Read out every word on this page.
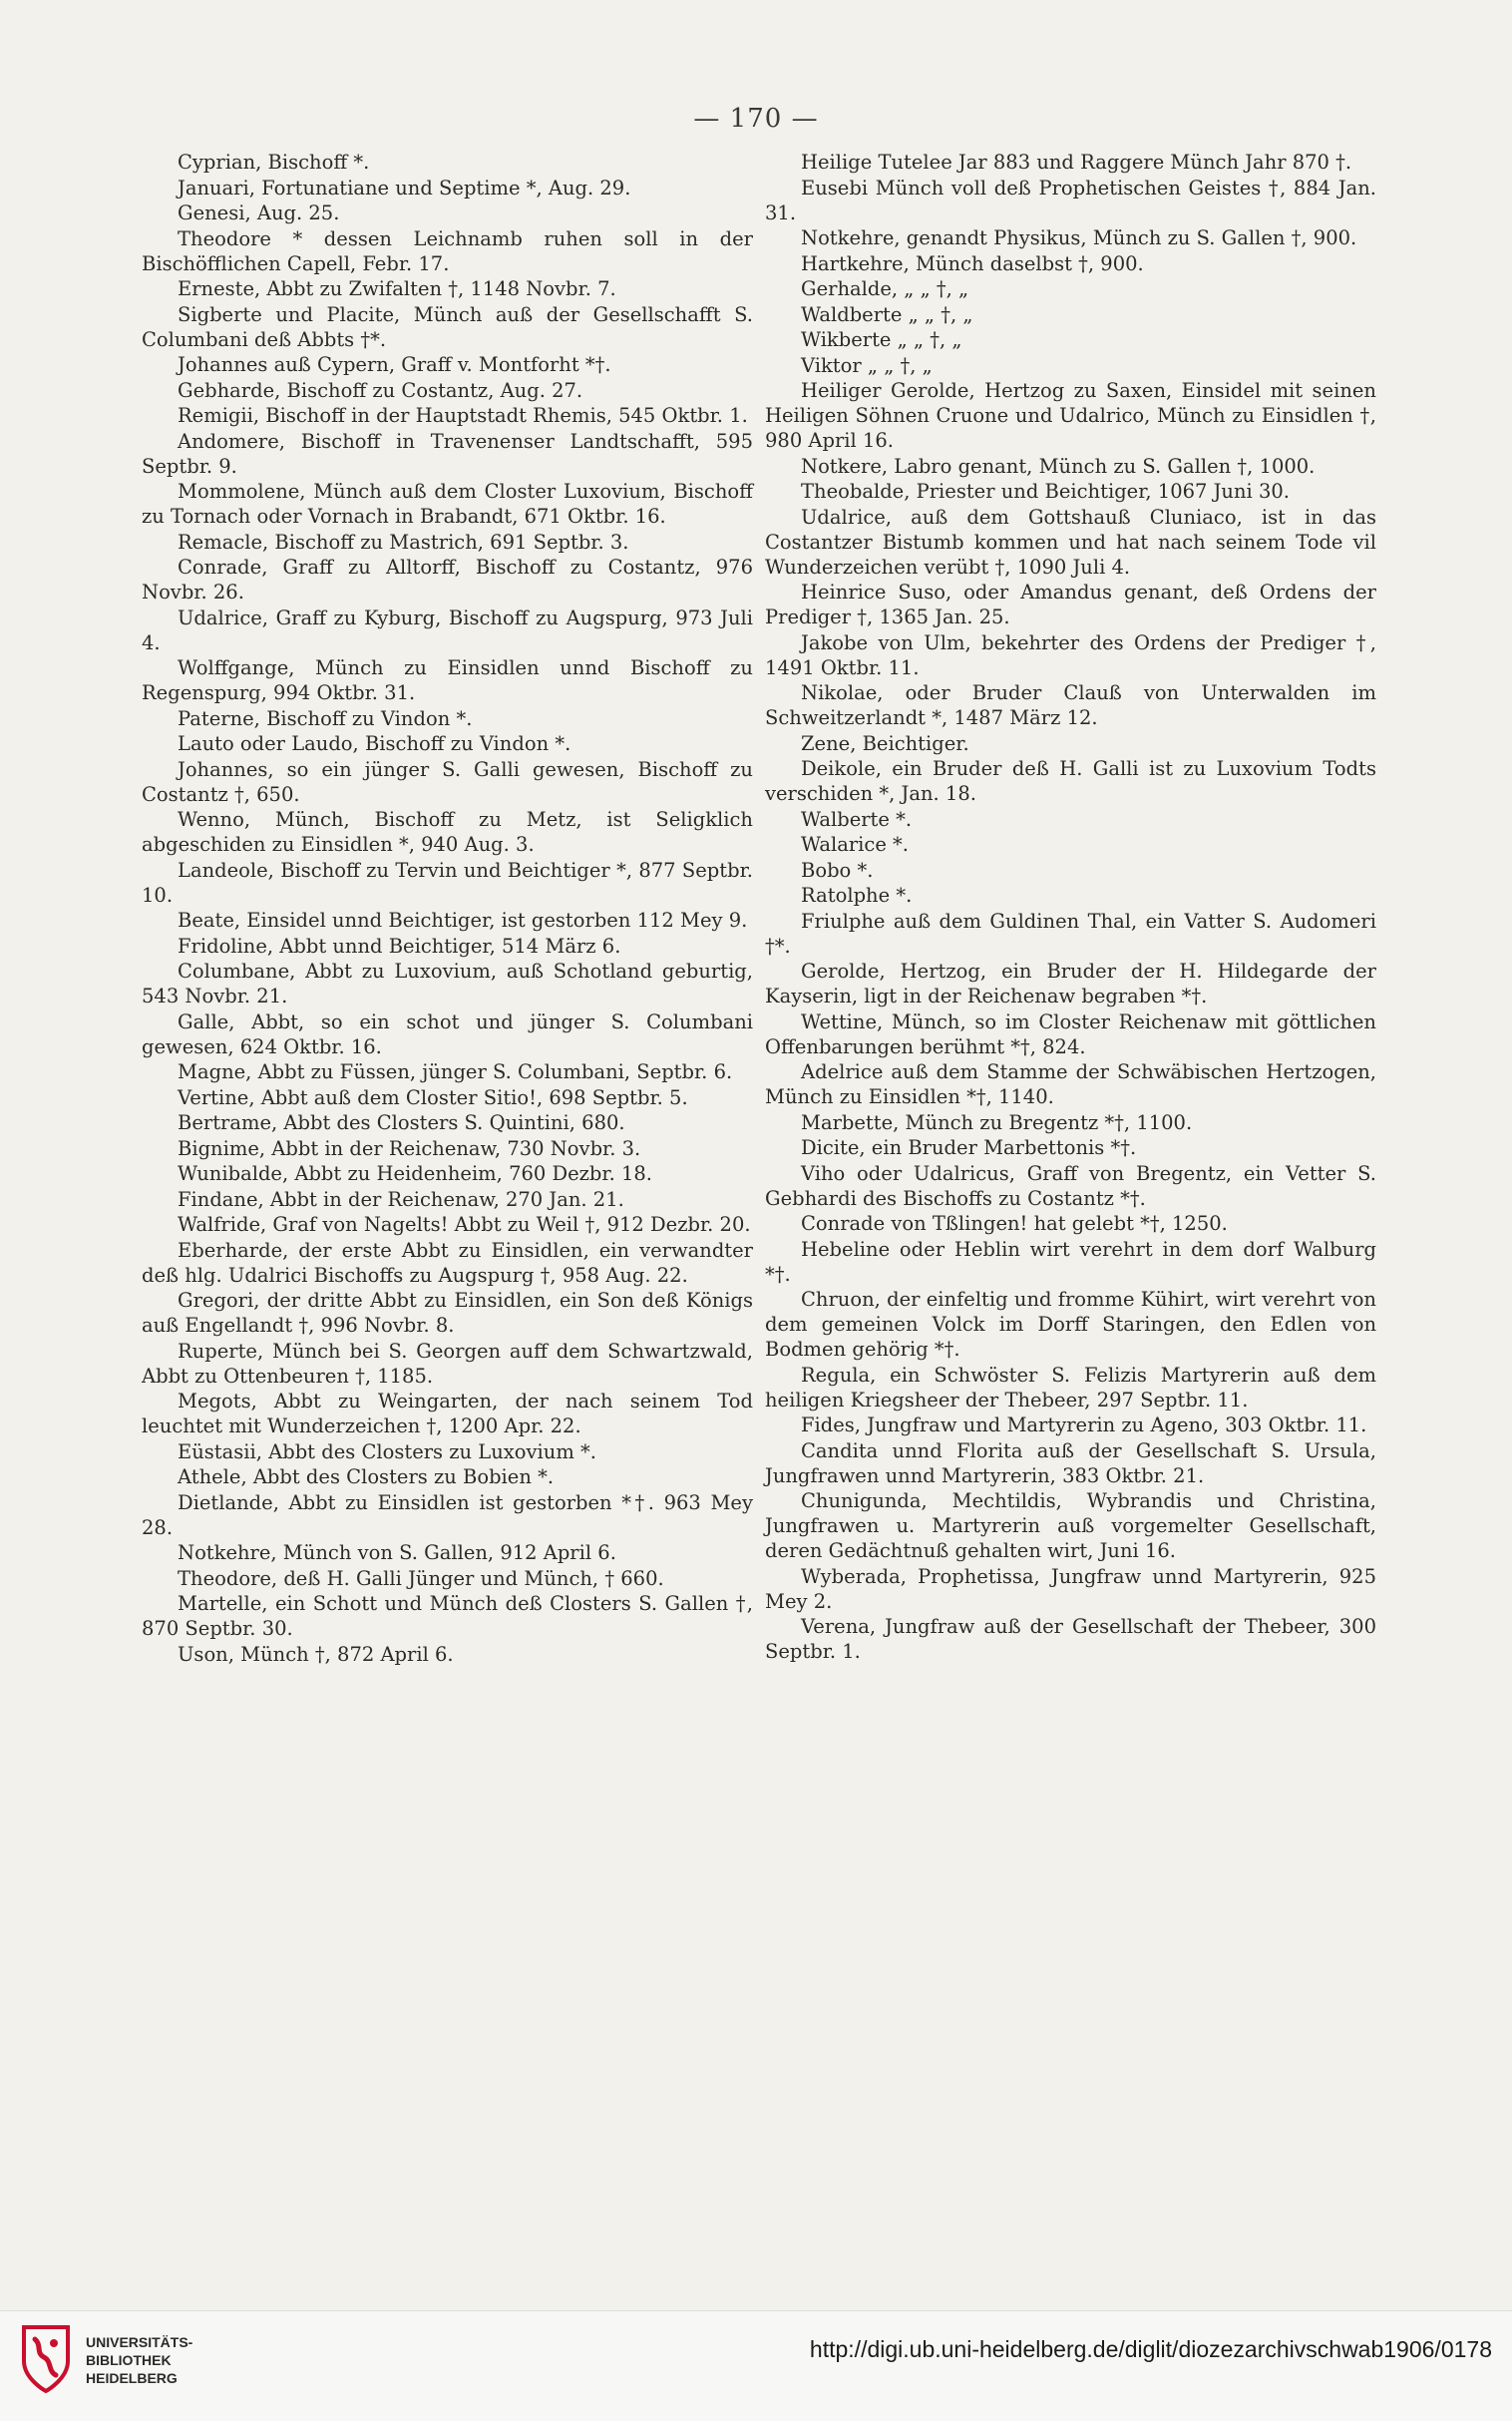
— 170 —

Cyprian, Bischoff *.

Januari, Fortunatiane und Septime *, Aug. 29.

Genesi, Aug. 25.

Theodore * dessen Leichnamb ruhen soll in der Bischöfflichen Capell, Febr. 17.

Erneste, Abbt zu Zwifalten †, 1148 Novbr. 7.

Sigberte und Placite, Münch auß der Gesellschafft S. Columbani deß Abbts †*.

Johannes auß Cypern, Graff v. Montforht *†.

Gebharde, Bischoff zu Costantz, Aug. 27.

Remigii, Bischoff in der Hauptstadt Rhemis, 545 Oktbr. 1.

Andomere, Bischoff in Travenenser Landtschafft, 595 Septbr. 9.

Mommolene, Münch auß dem Closter Luxovium, Bischoff zu Tornach oder Vornach in Brabandt, 671 Oktbr. 16.

Remacle, Bischoff zu Mastrich, 691 Septbr. 3.

Conrade, Graff zu Alltorff, Bischoff zu Costantz, 976 Novbr. 26.

Udalrice, Graff zu Kyburg, Bischoff zu Augspurg, 973 Juli 4.

Wolffgange, Münch zu Einsidlen unnd Bischoff zu Regenspurg, 994 Oktbr. 31.

Paterne, Bischoff zu Vindon *.

Lauto oder Laudo, Bischoff zu Vindon *.

Johannes, so ein jünger S. Galli gewesen, Bischoff zu Costantz †, 650.

Wenno, Münch, Bischoff zu Metz, ist Seligklich abgeschiden zu Einsidlen *, 940 Aug. 3.

Landeole, Bischoff zu Tervin und Beichtiger *, 877 Septbr. 10.

Beate, Einsidel unnd Beichtiger, ist gestorben 112 Mey 9.

Fridoline, Abbt unnd Beichtiger, 514 März 6.

Columbane, Abbt zu Luxovium, auß Schotland geburtig, 543 Novbr. 21.

Galle, Abbt, so ein schot und jünger S. Columbani gewesen, 624 Oktbr. 16.

Magne, Abbt zu Füssen, jünger S. Columbani, Septbr. 6.

Vertine, Abbt auß dem Closter Sitio!, 698 Septbr. 5.

Bertrame, Abbt des Closters S. Quintini, 680.

Bignime, Abbt in der Reichenaw, 730 Novbr. 3.

Wunibalde, Abbt zu Heidenheim, 760 Dezbr. 18.

Findane, Abbt in der Reichenaw, 270 Jan. 21.

Walfride, Graf von Nagelts! Abbt zu Weil †, 912 Dezbr. 20.

Eberharde, der erste Abbt zu Einsidlen, ein verwandter deß hlg. Udalrici Bischoffs zu Augspurg †, 958 Aug. 22.

Gregori, der dritte Abbt zu Einsidlen, ein Son deß Königs auß Engellandt †, 996 Novbr. 8.

Ruperte, Münch bei S. Georgen auff dem Schwartzwald, Abbt zu Ottenbeuren †, 1185.

Megots, Abbt zu Weingarten, der nach seinem Tod leuchtet mit Wunderzeichen †, 1200 Apr. 22.

Eüstasii, Abbt des Closters zu Luxovium *.

Athele, Abbt des Closters zu Bobien *.

Dietlande, Abbt zu Einsidlen ist gestorben *†. 963 Mey 28.

Notkehre, Münch von S. Gallen, 912 April 6.

Theodore, deß H. Galli Jünger und Münch, † 660.

Martelle, ein Schott und Münch deß Closters S. Gallen †, 870 Septbr. 30.

Uson, Münch †, 872 April 6.

Heilige Tutelee Jar 883 und Raggere Münch Jahr 870 †.

Eusebi Münch voll deß Prophetischen Geistes †, 884 Jan. 31.

Notkehre, genandt Physikus, Münch zu S. Gallen †, 900.

Hartkehre, Münch daselbst †, 900.

Gerhalde, „ „ †, „

Waldberte „ „ †, „

Wikberte „ „ †, „

Viktor „ „ †, „

Heiliger Geroldе, Hertzog zu Saxen, Einsidel mit seinen Heiligen Söhnen Cruone und Udalrico, Münch zu Einsidlen †, 980 April 16.

Notkere, Labro genant, Münch zu S. Gallen †, 1000.

Theobalde, Priester und Beichtiger, 1067 Juni 30.

Udalrice, auß dem Gottshauß Cluniaco, ist in das Costantzer Bistumb kommen und hat nach seinem Tode vil Wunderzeichen verübt †, 1090 Juli 4.

Heinrice Suso, oder Amandus genant, deß Ordens der Prediger †, 1365 Jan. 25.

Jakobe von Ulm, bekehrter des Ordens der Prediger †, 1491 Oktbr. 11.

Nikolae, oder Bruder Clauß von Unterwalden im Schweitzerlandt *, 1487 März 12.

Zene, Beichtiger.

Deikole, ein Bruder deß H. Galli ist zu Luxovium Todts verschiden *, Jan. 18.

Walberte *.

Walarice *.

Bobo *.

Ratolphe *.

Friulphe auß dem Guldinen Thal, ein Vatter S. Audomeri †*.

Geroldе, Hertzog, ein Bruder der H. Hildegarde der Kayserin, ligt in der Reichenaw begraben *†.

Wettine, Münch, so im Closter Reichenaw mit göttlichen Offenbarungen berühmt *†, 824.

Adelrice auß dem Stamme der Schwäbischen Hertzogen, Münch zu Einsidlen *†, 1140.

Marbette, Münch zu Bregentz *†, 1100.

Dicite, ein Bruder Marbettonis *†.

Viho oder Udalricus, Graff von Bregentz, ein Vetter S. Gebhardi des Bischoffs zu Costantz *†.

Conrade von Tßlingen! hat gelebt *†, 1250.

Hebeline oder Heblin wirt verehrt in dem dorf Walburg *†.

Chruon, der einfeltig und fromme Kühirt, wirt verehrt von dem gemeinen Volck im Dorff Staringen, den Edlen von Bodmen gehörig *†.

Regula, ein Schwöster S. Felizis Martyrerin auß dem heiligen Kriegsheer der Thebeer, 297 Septbr. 11.

Fides, Jungfraw und Martyrerin zu Ageno, 303 Oktbr. 11.

Candita unnd Florita auß der Gesellschaft S. Ursula, Jungfrawen unnd Martyrerin, 383 Oktbr. 21.

Chunigunda, Mechtildis, Wybrandis und Christina, Jungfrawen u. Martyrerin auß vorgemelter Gesellschaft, deren Gedächtnuß gehalten wirt, Juni 16.

Wyberada, Prophetissa, Jungfraw unnd Martyrerin, 925 Mey 2.

Verena, Jungfraw auß der Gesellschaft der Thebeer, 300 Septbr. 1.

UNIVERSITÄTS-
BIBLIOTHEK
HEIDELBERG
http://digi.ub.uni-heidelberg.de/diglit/diozezarchivschwab1906/0178
